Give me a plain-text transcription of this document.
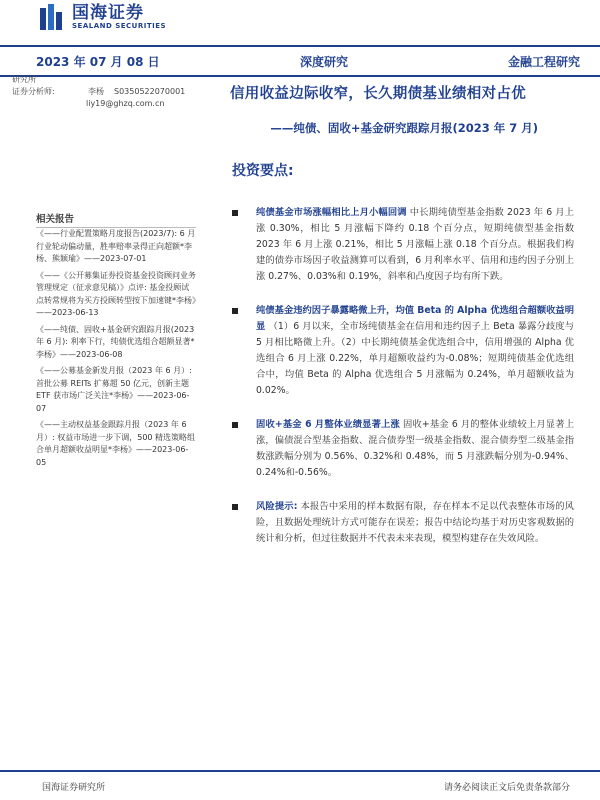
国海证券
SEALAND SECURITIES
2023 年 07 月 08 日	深度研究	金融工程研究
研究所
证券分析师:	李杨 S0350522070001
liy19@ghzq.com.cn
信用收益边际收窄，长久期债基业绩相对占优
——纯债、固收+基金研究跟踪月报(2023 年 7 月)
投资要点:
相关报告
《——行业配置策略月度报告(2023/7): 6 月行业轮动偏动量，胜率赔率录得正向超额*李杨、熊颖瑜》——2023-07-01
《——《公开募集证券投资基金投资顾问业务管理规定（征求意见稿）》点评: 基金投顾试点转常规将为买方投顾转型按下加速键*李杨》——2023-06-13
《——纯债、固收+基金研究跟踪月报(2023 年 6 月): 利率下行，纯债优选组合超额显著*李杨》——2023-06-08
《——公募基金新发月报（2023 年 6 月）: 首批公募 REITs 扩募超 50 亿元，创新主题 ETF 获市场广泛关注*李杨》——2023-06-07
《——主动权益基金跟踪月报（2023 年 6 月）: 权益市场进一步下调，500 精选策略组合单月超额收益明显*李杨》——2023-06-05
纯债基金市场涨幅相比上月小幅回调 中长期纯债型基金指数 2023 年 6 月上涨 0.30%，相比 5 月涨幅下降约 0.18 个百分点，短期纯债型基金指数 2023 年 6 月上涨 0.21%，相比 5 月涨幅上涨 0.18 个百分点。根据我们构建的债券市场因子收益测算可以看到，6 月利率水平、信用和违约因子分别上涨 0.27%、0.03%和 0.19%，斜率和凸度因子均有所下跌。
纯债基金违约因子暴露略微上升，均值 Beta 的 Alpha 优选组合超额收益明显 （1）6 月以来，全市场纯债基金在信用和违约因子上 Beta 暴露分歧度与 5 月相比略微上升。（2）中长期纯债基金优选组合中，信用增强的 Alpha 优选组合 6 月上涨 0.22%，单月超额收益约为-0.08%；短期纯债基金优选组合中，均值 Beta 的 Alpha 优选组合 5 月涨幅为 0.24%，单月超额收益为 0.02%。
固收+基金 6 月整体业绩显著上涨 固收+基金 6 月的整体业绩较上月显著上涨，偏债混合型基金指数、混合债券型一级基金指数、混合债券型二级基金指数涨跌幅分别为 0.56%、0.32%和 0.48%，而 5 月涨跌幅分别为-0.94%、0.24%和-0.56%。
风险提示: 本报告中采用的样本数据有限，存在样本不足以代表整体市场的风险，且数据处理统计方式可能存在误差；报告中结论均基于对历史客观数据的统计和分析，但过往数据并不代表未来表现，模型构建存在失效风险。
国海证券研究所	请务必阅读正文后免责条款部分
